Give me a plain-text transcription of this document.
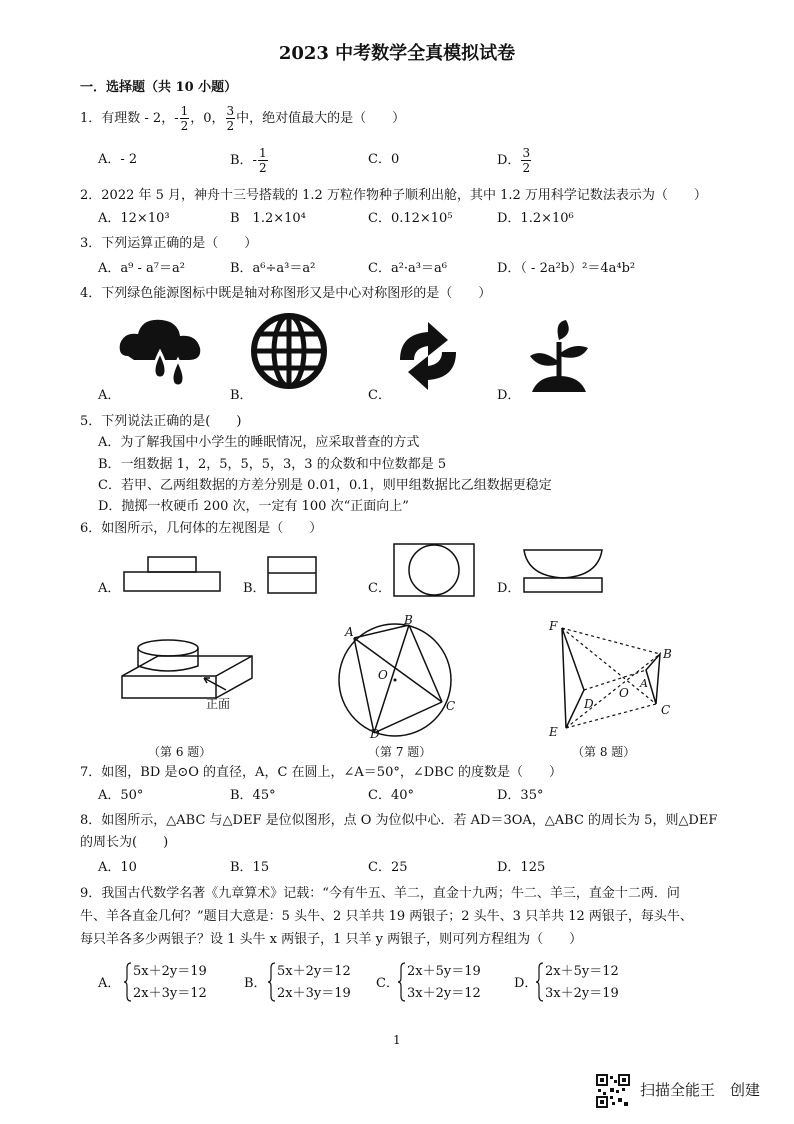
2023 中考数学全真模拟试卷
一．选择题（共 10 小题）
1．有理数 - 2，- $\frac{1}{2}$ ，0， $\frac{3}{2}$ 中，绝对值最大的是（　　）
A．- 2	B．- $\frac{1}{2}$	C．0	D． $\frac{3}{2}$
2．2022 年 5 月，神舟十三号搭载的 1.2 万粒作物种子顺利出舱，其中 1.2 万用科学记数法表示为（　　）
A．12×10³	B　1.2×10⁴	C．0.12×10⁵	D．1.2×10⁶
3．下列运算正确的是（　　）
A．a⁹ - a⁷＝a²	B．a⁶÷a³＝a²	C．a²·a³＝a⁶	D．（ - 2a²b）²＝4a⁴b²
4．下列绿色能源图标中既是轴对称图形又是中心对称图形的是（　　）
A．	B．	C．	D．
5．下列说法正确的是(　　)
A．为了解我国中小学生的睡眠情况，应采取普查的方式
B．一组数据 1，2，5，5，5，3，3 的众数和中位数都是 5
C．若甲、乙两组数据的方差分别是 0.01，0.1，则甲组数据比乙组数据更稳定
D．抛掷一枚硬币 200 次，一定有 100 次“正面向上”
6．如图所示，几何体的左视图是（　　）
A．	B．	C．	D．
正面
（第 6 题）
A
B
O
C
D
（第 7 题）
F
E
D
O
A
B
C
（第 8 题）
7．如图，BD 是⊙O 的直径，A，C 在圆上，∠A＝50°，∠DBC 的度数是（　　）
A．50°	B．45°	C．40°	D．35°
8．如图所示，△ABC 与△DEF 是位似图形，点 O 为位似中心．若 AD＝3OA，△ABC 的周长为 5，则△DEF
的周长为(　　)
A．10	B．15	C．25	D．125
9．我国古代数学名著《九章算术》记载：“今有牛五、羊二，直金十九两；牛二、羊三，直金十二两．问
牛、羊各直金几何？”题目大意是：5 头牛、2 只羊共 19 两银子；2 头牛、3 只羊共 12 两银子，每头牛、
每只羊各多少两银子？设 1 头牛 x 两银子，1 只羊 y 两银子，则可列方程组为（　　）
A．
5x＋2y＝19
2x＋3y＝12
B．
5x＋2y＝12
2x＋3y＝19
C．
2x＋5y＝19
3x＋2y＝12
D．
2x＋5y＝12
3x＋2y＝19
1
扫描全能王　创建
